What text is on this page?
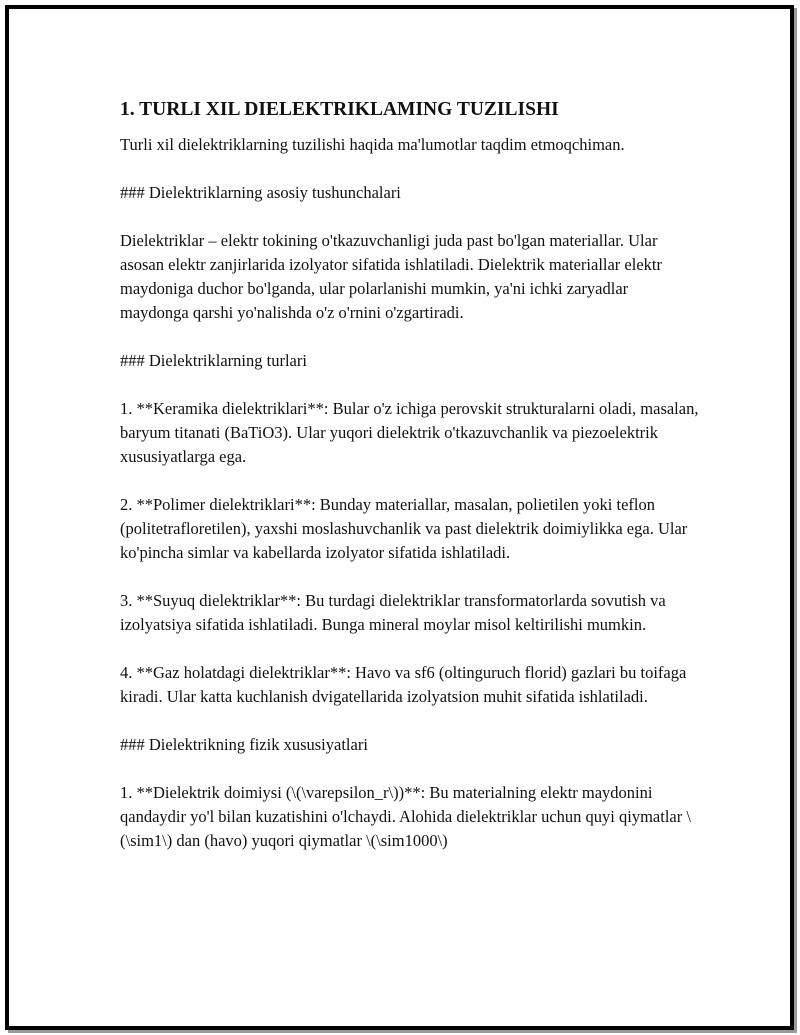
1. TURLI XIL DIELEKTRIKLAMING TUZILISHI

Turli xil dielektriklarning tuzilishi haqida ma'lumotlar taqdim etmoqchiman.

### Dielektriklarning asosiy tushunchalari

Dielektriklar – elektr tokining o'tkazuvchanligi juda past bo'lgan materiallar. Ular asosan elektr zanjirlarida izolyator sifatida ishlatiladi. Dielektrik materiallar elektr maydoniga duchor bo'lganda, ular polarlanishi mumkin, ya'ni ichki zaryadlar maydonga qarshi yo'nalishda o'z o'rnini o'zgartiradi.

### Dielektriklarning turlari

1. **Keramika dielektriklari**: Bular o'z ichiga perovskit strukturalarni oladi, masalan, baryum titanati (BaTiO3). Ular yuqori dielektrik o'tkazuvchanlik va piezoelektrik xususiyatlarga ega.

2. **Polimer dielektriklari**: Bunday materiallar, masalan, polietilen yoki teflon (politetrafloretilen), yaxshi moslashuvchanlik va past dielektrik doimiylikka ega. Ular ko'pincha simlar va kabellarda izolyator sifatida ishlatiladi.

3. **Suyuq dielektriklar**: Bu turdagi dielektriklar transformatorlarda sovutish va izolyatsiya sifatida ishlatiladi. Bunga mineral moylar misol keltirilishi mumkin.

4. **Gaz holatdagi dielektriklar**: Havo va sf6 (oltinguruch florid) gazlari bu toifaga kiradi. Ular katta kuchlanish dvigatellarida izolyatsion muhit sifatida ishlatiladi.

### Dielektrikning fizik xususiyatlari

1. **Dielektrik doimiysi (\(\varepsilon_r\))**: Bu materialning elektr maydonini qandaydir yo'l bilan kuzatishini o'lchaydi. Alohida dielektriklar uchun quyi qiymatlar \(\sim1\) dan (havo) yuqori qiymatlar \(\sim1000\)
